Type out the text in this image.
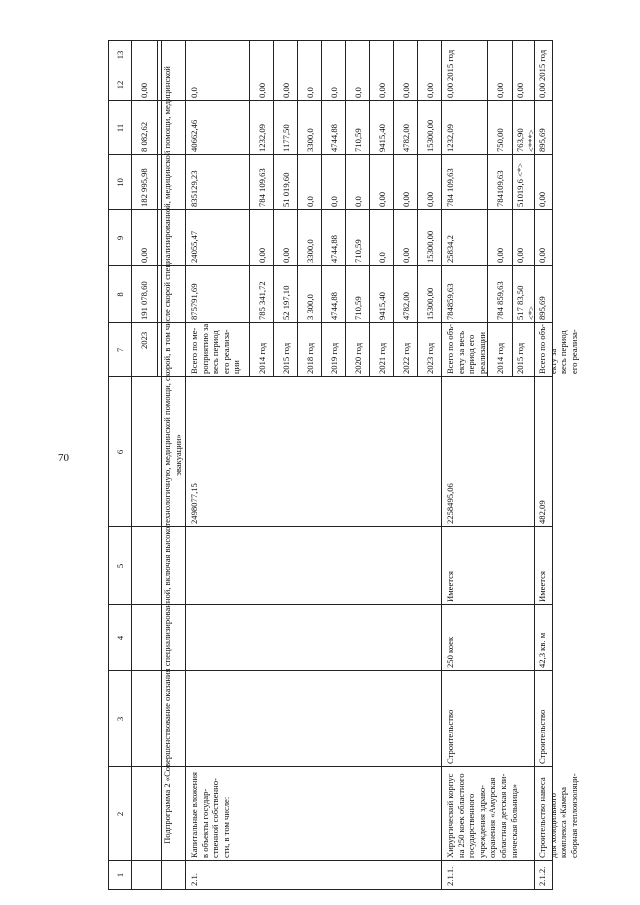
70
1
2
3
4
5
6
7
8
9
10
11
12
13
2023
191 078,60
0,00
182 995,98
8 082,62
0,00 Подпрограмма 2 «Совершенствование оказания специализированной, включая высокотехнологичную, медицинской помощи, скорой, в том числе скорой специализированной, медицинской помощи, медицинской эвакуации»
2.1.
Капитальные вложения
в объекты государ-
ственной собственно-
сти, в том числе:
2498077,15
Всего по ме-
роприятию за
весь период
его реализа-
ции
875791,69
24055,47
835129,23
40662,46
0,0
2014 год
785 341,72
0,00
784 109,63
1232,09
0,00
2015 год
52 197,10
0,00
51 019,60
1177,50
0,00
2018 год
3 300,0
3300,0
0,0
3300,0
0,0
2019 год
4744,88
4744,88
0,0
4744,88
0,0
2020 год
710,59
710,59
0,0
710,59
0,0
2021 год
9415,40
0,0
0,00
9415,40
0,00
2022 год
4782,00
0,00
0,00
4782,00
0,00
2023 год
15300,00
15300,00
0,00
15300,00
0,00
2.1.1.
Хирургический корпус
на 250 коек областного
государственного
учреждения здраво-
охранения «Амурская
областная детская кли-
ническая больница»
Строительство
250 коек
Имеется
2258495,06
2015 год
Всего по объ-
екту за весь
период его
реализации
784859,63
25834,2
784 109,63
1232,09
0,00
2014 год
784 859,63
0,00
784109,63
750,00
0,00
2015 год
517 83,50
<*>
0,00
51019,6 <*>
763,90
<***>
0,00
2.1.2.
Строительство навеса
для холодильного
комплекса «Камера
сборная теплоизоляци-
Строительство
42,3 кв. м
Имеется
482,09
2015 год
Всего по объ-
екту за
весь период
его реализа-
895,69
0,00
0,00
895,69
0,00
